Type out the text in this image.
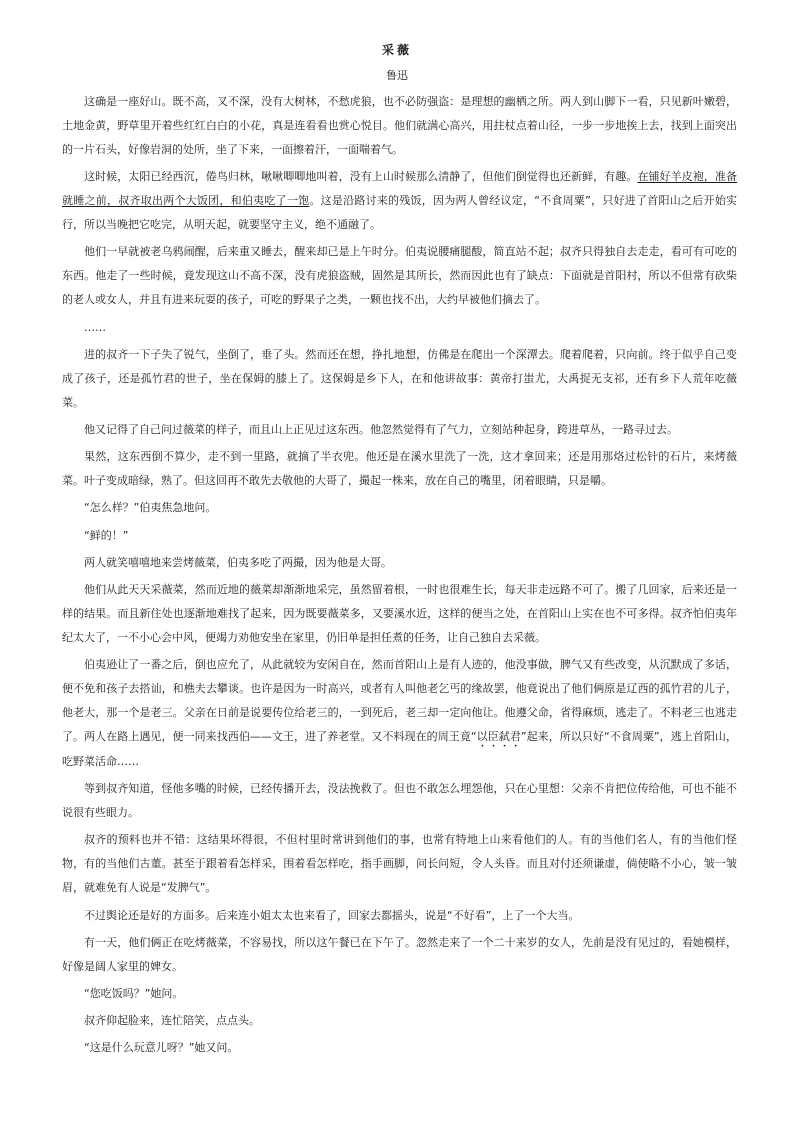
采薇
鲁迅

这确是一座好山。既不高，又不深，没有大树林，不愁虎狼，也不必防强盗：是理想的幽栖之所。两人到山脚下一看，只见新叶嫩碧，土地金黄，野草里开着些红红白白的小花，真是连看看也赏心悦目。他们就满心高兴，用拄杖点着山径，一步一步地挨上去，找到上面突出的一片石头，好像岩洞的处所，坐了下来，一面擦着汗，一面喘着气。

这时候，太阳已经西沉，倦鸟归林，啾啾唧唧地叫着，没有上山时候那么清静了，但他们倒觉得也还新鲜，有趣。在铺好羊皮袍，准备就睡之前，叔齐取出两个大饭团，和伯夷吃了一饱。这是沿路讨来的残饭，因为两人曾经议定，“不食周粟”，只好进了首阳山之后开始实行，所以当晚把它吃完，从明天起，就要坚守主义，绝不通融了。

他们一早就被老乌鸦闹醒，后来重又睡去，醒来却已是上午时分。伯夷说腰痛腿酸，简直站不起；叔齐只得独自去走走，看可有可吃的东西。他走了一些时候，竟发现这山不高不深，没有虎狼盗贼，固然是其所长，然而因此也有了缺点：下面就是首阳村，所以不但常有砍柴的老人或女人，并且有进来玩耍的孩子，可吃的野果子之类，一颗也找不出，大约早被他们摘去了。

……

进的叔齐一下子失了锐气，坐倒了，垂了头。然而还在想，挣扎地想，仿佛是在爬出一个深潭去。爬着爬着，只向前。终于似乎自己变成了孩子，还是孤竹君的世子，坐在保姆的膝上了。这保姆是乡下人，在和他讲故事：黄帝打蚩尤，大禹捉无支祁，还有乡下人荒年吃薇菜。

他又记得了自己问过薇菜的样子，而且山上正见过这东西。他忽然觉得有了气力，立刻站种起身，跨进草丛，一路寻过去。

果然，这东西倒不算少，走不到一里路，就摘了半衣兜。他还是在溪水里洗了一洗，这才拿回来；还是用那烙过松针的石片，来烤薇菜。叶子变成暗绿，熟了。但这回再不敢先去敬他的大哥了，撮起一株来，放在自己的嘴里，闭着眼睛，只是嚼。

“怎么样？”伯夷焦急地问。

“鲜的！”

两人就笑嘻嘻地来尝烤薇菜，伯夷多吃了两撮，因为他是大哥。

他们从此天天采薇菜，然而近地的薇菜却渐渐地采完，虽然留着根，一时也很难生长，每天非走远路不可了。搬了几回家，后来还是一样的结果。而且新住处也逐渐地难找了起来，因为既要薇菜多，又要溪水近，这样的便当之处，在首阳山上实在也不可多得。叔齐怕伯夷年纪太大了，一不小心会中风，便竭力劝他安坐在家里，仍旧单是担任煮的任务，让自己独自去采薇。

伯夷逊让了一番之后，倒也应允了，从此就较为安闲自在，然而首阳山上是有人迹的，他没事做，脾气又有些改变，从沉默成了多话，便不免和孩子去搭讪，和樵夫去攀谈。也许是因为一时高兴，或者有人叫他老乞丐的缘故罢，他竟说出了他们俩原是辽西的孤竹君的儿子，他老大，那一个是老三。父亲在日前是说要传位给老三的，一到死后，老三却一定向他让。他遵父命，省得麻烦，逃走了。不料老三也逃走了。两人在路上遇见，便一同来找西伯——文王，进了养老堂。又不料现在的周王竟“以臣弑君”起来，所以只好“不食周粟”，逃上首阳山，吃野菜活命……

等到叔齐知道，怪他多嘴的时候，已经传播开去，没法挽救了。但也不敢怎么埋怨他，只在心里想：父亲不肯把位传给他，可也不能不说很有些眼力。

叔齐的预料也并不错：这结果坏得很，不但村里时常讲到他们的事，也常有特地上山来看他们的人。有的当他们名人，有的当他们怪物，有的当他们古董。甚至于跟着看怎样采，围着看怎样吃，指手画脚，问长问短，令人头昏。而且对付还须谦虚，倘使略不小心，皱一皱眉，就难免有人说是“发脾气”。

不过舆论还是好的方面多。后来连小姐太太也来看了，回家去都摇头，说是“不好看”，上了一个大当。

有一天，他们俩正在吃烤薇菜，不容易找，所以这午餐已在下午了。忽然走来了一个二十来岁的女人，先前是没有见过的，看她模样，好像是阔人家里的婢女。

“您吃饭吗？”她问。

叔齐仰起脸来，连忙陪笑，点点头。

“这是什么玩意儿呀？”她又问。
